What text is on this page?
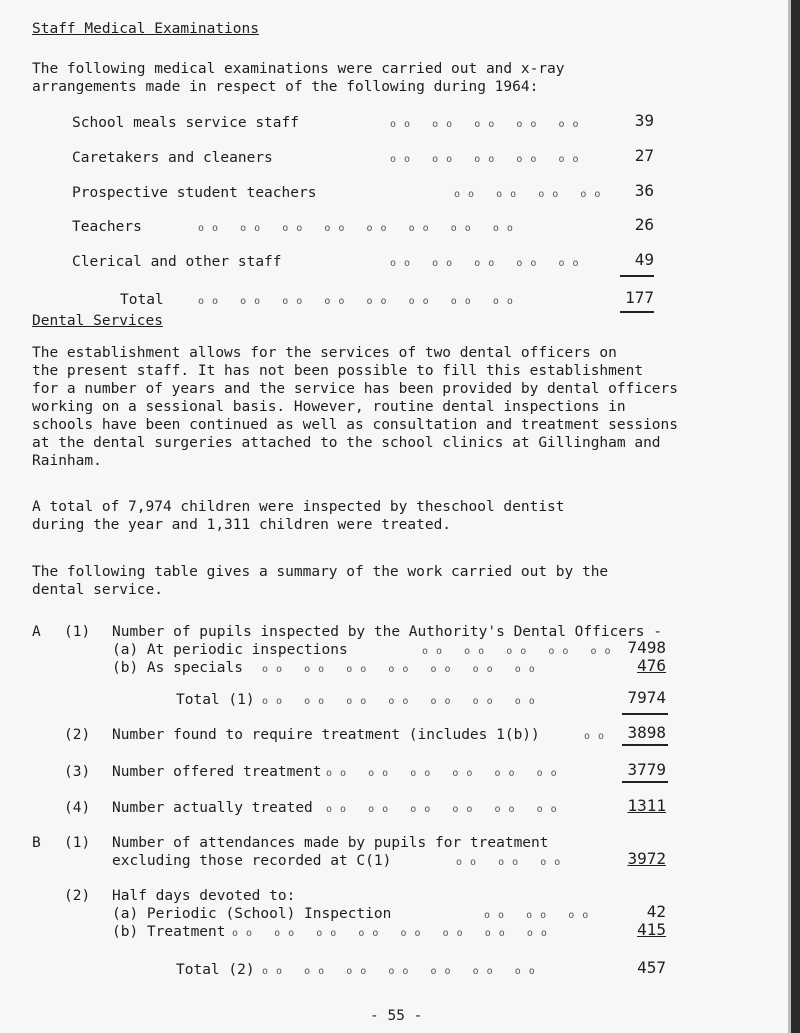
Staff Medical Examinations
The following medical examinations were carried out and x-ray
arrangements made in respect of the following during 1964:
School meals service staff	o o   o o   o o   o o   o o	39
Caretakers and cleaners	o o   o o   o o   o o   o o	27
Prospective student teachers	o o   o o   o o   o o	36
Teachers	o o   o o   o o   o o   o o   o o   o o   o o	26
Clerical and other staff	o o   o o   o o   o o   o o	49
Total	o o   o o   o o   o o   o o   o o   o o   o o	177
Dental Services
The establishment allows for the services of two dental officers on
the present staff. It has not been possible to fill this establishment
for a number of years and the service has been provided by dental officers
working on a sessional basis. However, routine dental inspections in
schools have been continued as well as consultation and treatment sessions
at the dental surgeries attached to the school clinics at Gillingham and
Rainham.
A total of 7,974 children were inspected by theschool dentist
during the year and 1,311 children were treated.
The following table gives a summary of the work carried out by the
dental service.
A (1) Number of pupils inspected by the Authority's Dental Officers -
(a) At periodic inspections	o o   o o   o o   o o   o o 7498
(b) As specials o o   o o   o o   o o   o o   o o   o o	476
Total (1) o o   o o   o o   o o   o o   o o   o o	7974
(2) Number found to require treatment (includes 1(b))	o o	3898
(3) Number offered treatment o o   o o   o o   o o   o o   o o	3779
(4) Number actually treated o o   o o   o o   o o   o o   o o	1311
B (1) Number of attendances made by pupils for treatment
excluding those recorded at C(1)	o o   o o   o o	3972
(2) Half days devoted to:
(a) Periodic (School) Inspection	o o   o o   o o	42
(b) Treatment o o   o o   o o   o o   o o   o o   o o   o o	415
Total (2) o o   o o   o o   o o   o o   o o   o o	457
- 55 -
